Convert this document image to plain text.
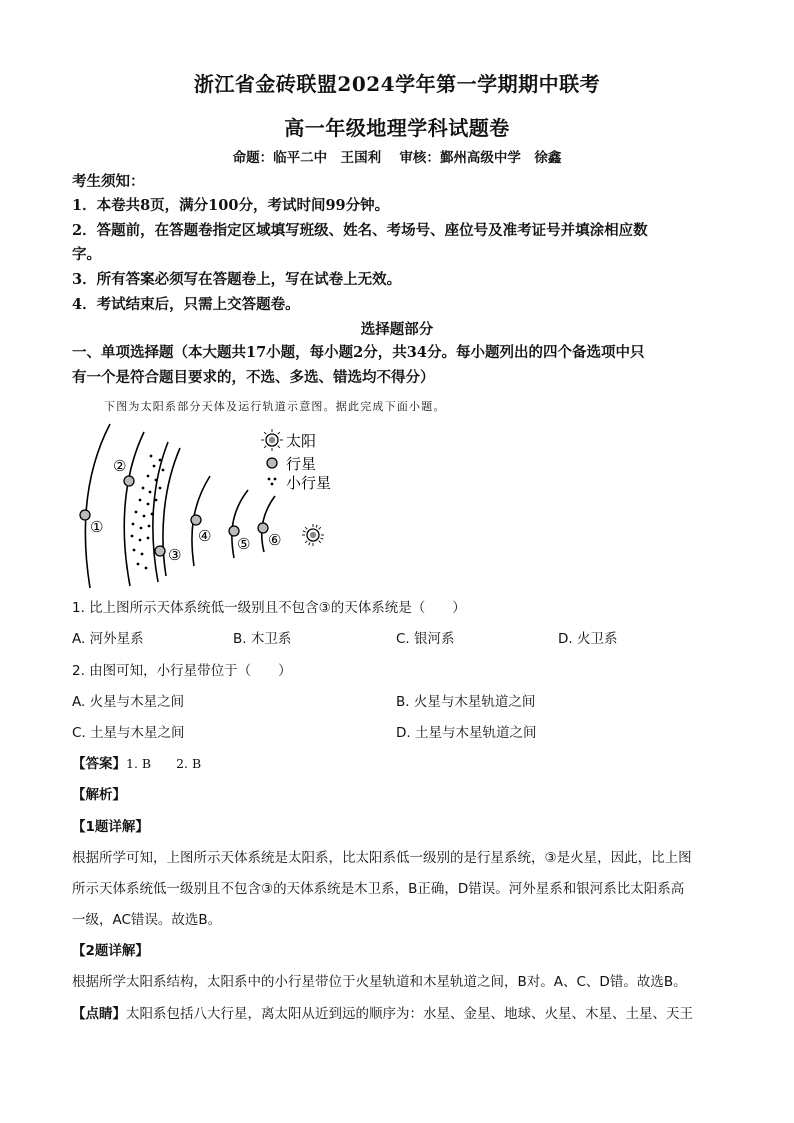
浙江省金砖联盟2024学年第一学期期中联考
高一年级地理学科试题卷
命题：临平二中　王国利　 审核：鄞州高级中学　徐鑫
考生须知：
1．本卷共8页，满分100分，考试时间99分钟。
2．答题前，在答题卷指定区域填写班级、姓名、考场号、座位号及准考证号并填涂相应数
字。
3．所有答案必须写在答题卷上，写在试卷上无效。
4．考试结束后，只需上交答题卷。
选择题部分
一、单项选择题（本大题共17小题，每小题2分，共34分。每小题列出的四个备选项中只
有一个是符合题目要求的，不选、多选、错选均不得分）
下图为太阳系部分天体及运行轨道示意图。据此完成下面小题。
①
②
③
④ ⑤ ⑥
太阳
行星
小行星
1. 比上图所示天体系统低一级别且不包含③的天体系统是（　　）
A. 河外星系	B. 木卫系	C. 银河系	D. 火卫系
2. 由图可知，小行星带位于（　　）
A. 火星与木星之间	B. 火星与木星轨道之间
C. 土星与木星之间	D. 土星与木星轨道之间
【答案】1. B　　2. B
【解析】
【1题详解】
根据所学可知，上图所示天体系统是太阳系，比太阳系低一级别的是行星系统，③是火星，因此，比上图
所示天体系统低一级别且不包含③的天体系统是木卫系，B正确，D错误。河外星系和银河系比太阳系高
一级，AC错误。故选B。
【2题详解】
根据所学太阳系结构，太阳系中的小行星带位于火星轨道和木星轨道之间，B对。A、C、D错。故选B。
【点睛】太阳系包括八大行星，离太阳从近到远的顺序为：水星、金星、地球、火星、木星、土星、天王
